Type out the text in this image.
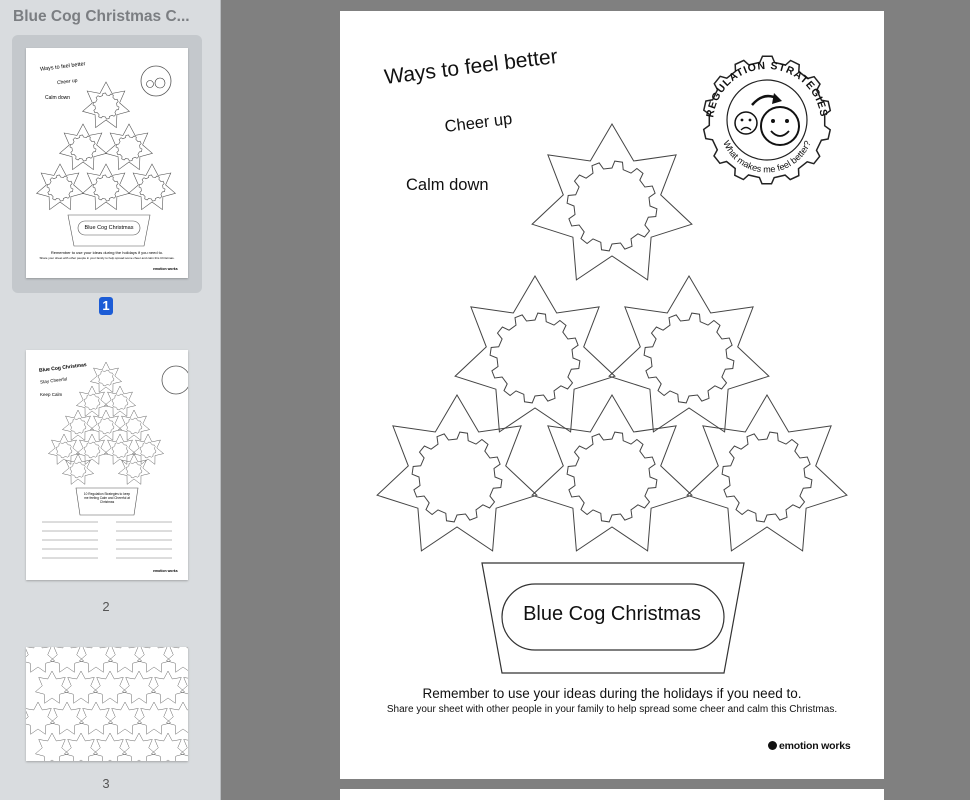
Blue Cog Christmas C...
Ways to feel better
Cheer up
Calm down
Blue Cog Christmas
Remember to use your ideas during the holidays if you need to.
Share your sheet with other people in your family to help spread some cheer and calm this Christmas.
emotion works
1
Blue Cog Christmas
Stay Cheerful
Keep Calm
10 Regulation Strategies to keep me feeling Calm and Cheerful at Christmas
emotion works
2
3
REGULATION STRATEGIES
What makes me feel better?
Ways to feel better
Cheer up
Calm down
Blue Cog Christmas
Remember to use your ideas during the holidays if you need to.
Share your sheet with other people in your family to help spread some cheer and calm this Christmas.
emotion works
